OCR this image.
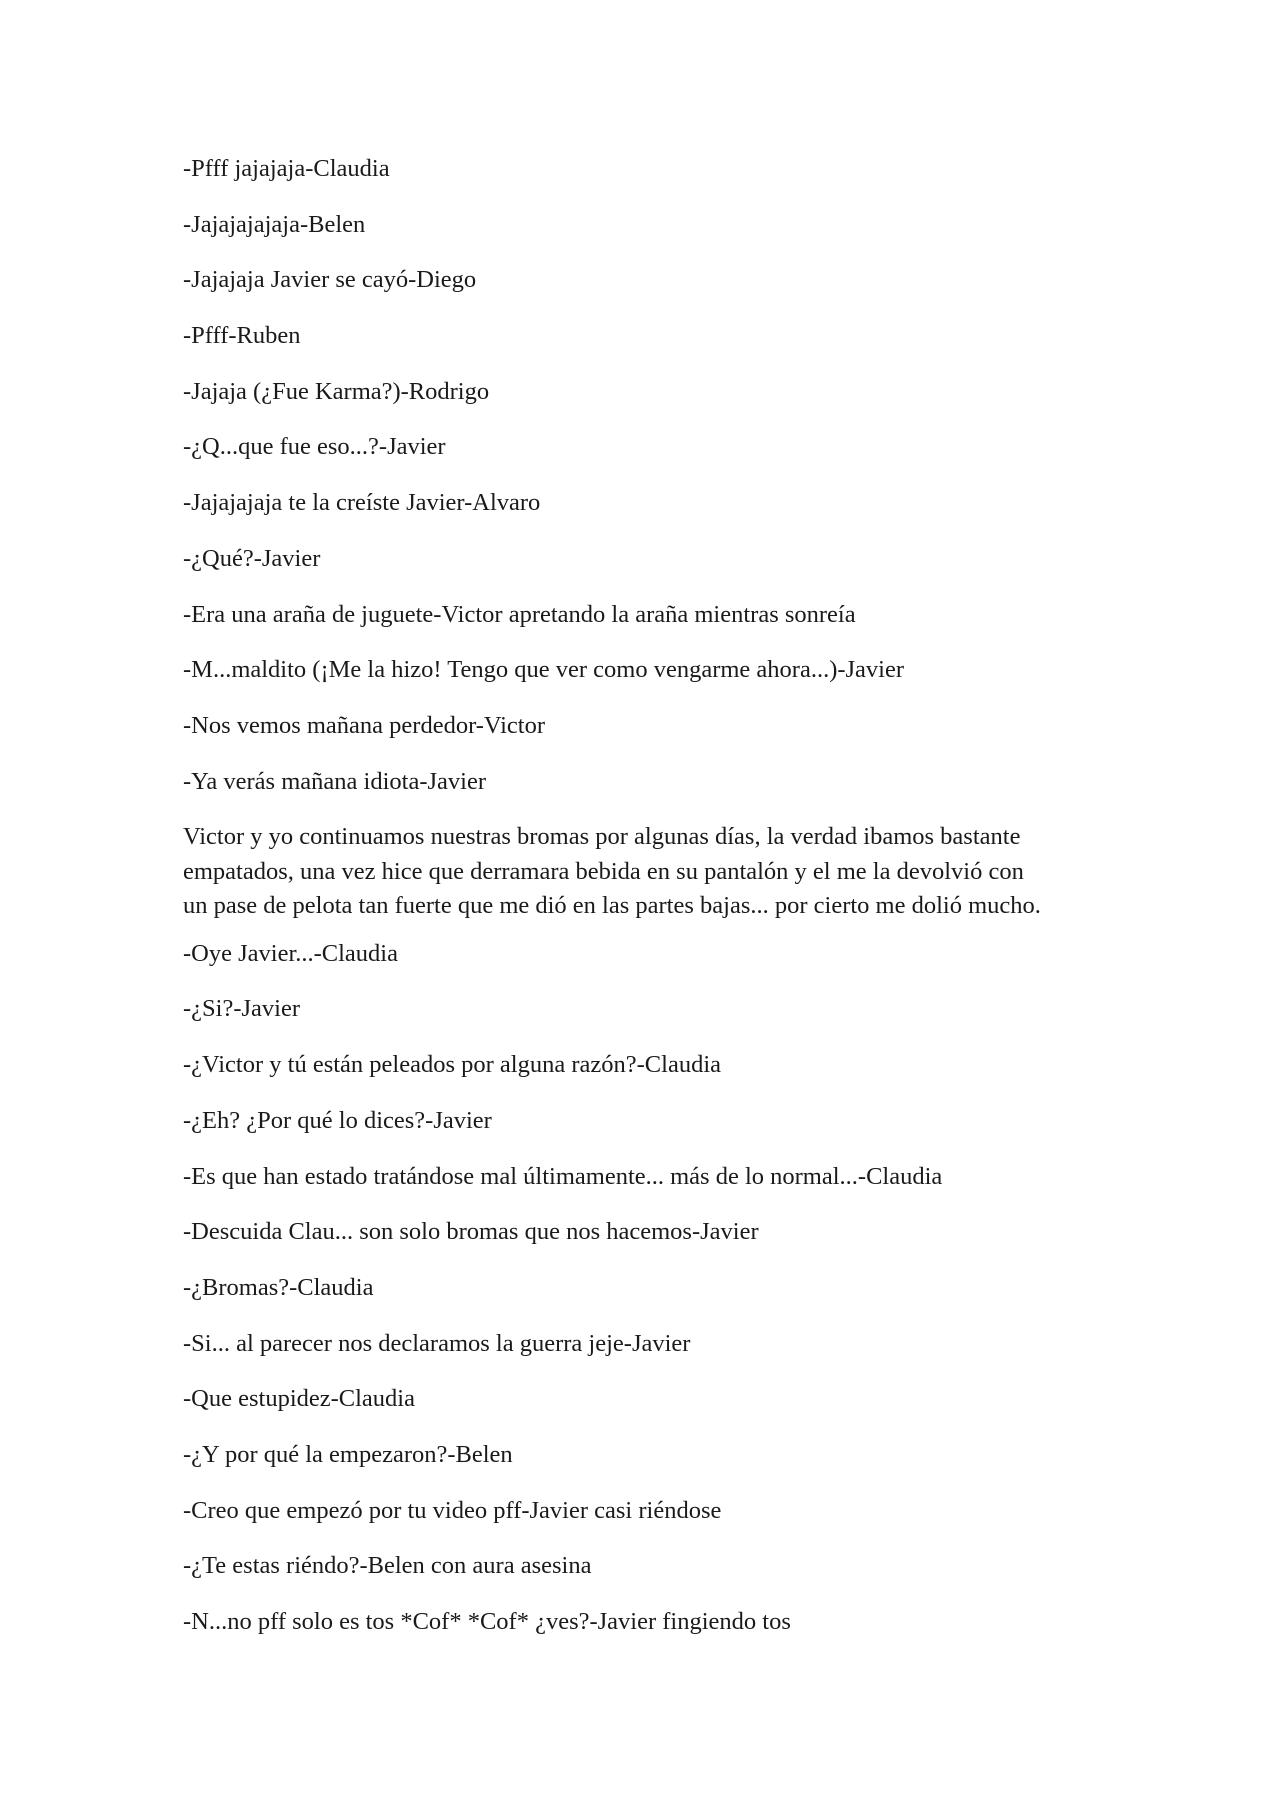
-Pfff jajajaja-Claudia

-Jajajajajaja-Belen

-Jajajaja Javier se cayó-Diego

-Pfff-Ruben

-Jajaja (¿Fue Karma?)-Rodrigo

-¿Q...que fue eso...?-Javier

-Jajajajaja te la creíste Javier-Alvaro

-¿Qué?-Javier

-Era una araña de juguete-Victor apretando la araña mientras sonreía

-M...maldito (¡Me la hizo! Tengo que ver como vengarme ahora...)-Javier

-Nos vemos mañana perdedor-Victor

-Ya verás mañana idiota-Javier

Victor y yo continuamos nuestras bromas por algunas días, la verdad ibamos bastante
empatados, una vez hice que derramara bebida en su pantalón y el me la devolvió con
un pase de pelota tan fuerte que me dió en las partes bajas... por cierto me dolió mucho.

-Oye Javier...-Claudia

-¿Si?-Javier

-¿Victor y tú están peleados por alguna razón?-Claudia

-¿Eh? ¿Por qué lo dices?-Javier

-Es que han estado tratándose mal últimamente... más de lo normal...-Claudia

-Descuida Clau... son solo bromas que nos hacemos-Javier

-¿Bromas?-Claudia

-Si... al parecer nos declaramos la guerra jeje-Javier

-Que estupidez-Claudia

-¿Y por qué la empezaron?-Belen

-Creo que empezó por tu video pff-Javier casi riéndose

-¿Te estas riéndo?-Belen con aura asesina

-N...no pff solo es tos *Cof* *Cof* ¿ves?-Javier fingiendo tos
